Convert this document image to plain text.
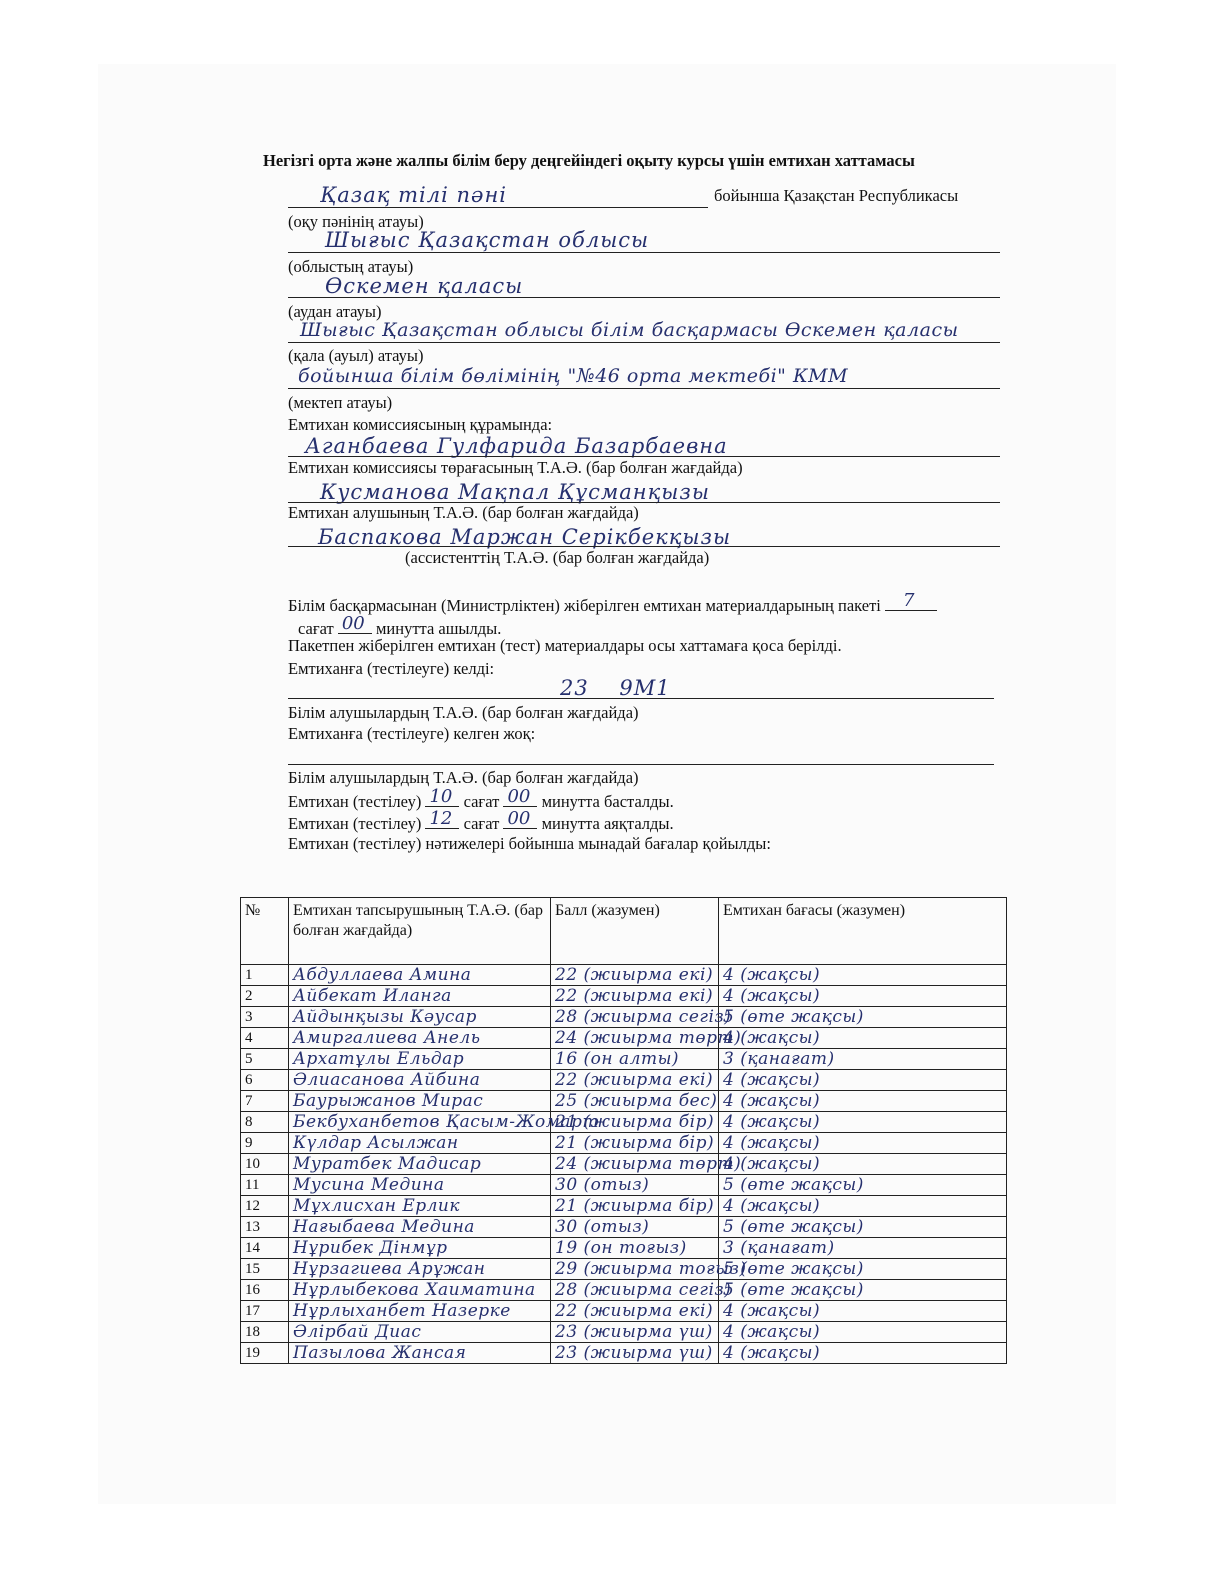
Негізгі орта және жалпы білім беру деңгейіндегі оқыту курсы үшін емтихан хаттамасы
Қазақ тілі пәні	бойынша Қазақстан Республикасы
(оқу пәнінің атауы)
Шығыс Қазақстан облысы
(облыстың атауы)
Өскемен қаласы
(аудан атауы)
Шығыс Қазақстан облысы білім басқармасы Өскемен қаласы
(қала (ауыл) атауы)
бойынша білім бөлімінің "№46 орта мектебі" КММ
(мектеп атауы)
Емтихан комиссиясының құрамында:
Аганбаева Гулфарида Базарбаевна
Емтихан комиссиясы төрағасының Т.А.Ә. (бар болған жағдайда)
Кусманова Мақпал Құсманқызы
Емтихан алушының Т.А.Ә. (бар болған жағдайда)
Баспакова Маржан Серікбекқызы
(ассистенттің Т.А.Ә. (бар болған жағдайда)
Білім басқармасынан (Министрліктен) жіберілген емтихан материалдарының пакеті 7
сағат 00 минутта ашылды.
Пакетпен жіберілген емтихан (тест) материалдары осы хаттамаға қоса берілді.
Емтиханға (тестілеуге) келді:
23    9М1
Білім алушылардың Т.А.Ә. (бар болған жағдайда)
Емтиханға (тестілеуге) келген жоқ:
Білім алушылардың Т.А.Ә. (бар болған жағдайда)
Емтихан (тестілеу) 10 сағат 00 минутта басталды.
Емтихан (тестілеу) 12 сағат 00 минутта аяқталды.
Емтихан (тестілеу) нәтижелері бойынша мынадай бағалар қойылды:
№	Емтихан тапсырушының Т.А.Ә. (бар болған жағдайда)	Балл (жазумен)	Емтихан бағасы (жазумен)
1	Абдуллаева Амина	22 (жиырма екі)	4 (жақсы)
2	Айбекат Иланга	22 (жиырма екі)	4 (жақсы)
3	Айдынқызы Кәусар	28 (жиырма сегіз)	5 (өте жақсы)
4	Амиргалиева Анель	24 (жиырма төрт)	4 (жақсы)
5	Архатұлы Ельдар	16 (он алты)	3 (қанағат)
6	Әлиасанова Айбина	22 (жиырма екі)	4 (жақсы)
7	Баурыжанов Мирас	25 (жиырма бес)	4 (жақсы)
8	Бекбуханбетов Қасым-Жомарт	21 (жиырма бір)	4 (жақсы)
9	Күлдар Асылжан	21 (жиырма бір)	4 (жақсы)
10	Муратбек Мадисар	24 (жиырма төрт)	4 (жақсы)
11	Мусина Медина	30 (отыз)	5 (өте жақсы)
12	Мұхлисхан Ерлик	21 (жиырма бір)	4 (жақсы)
13	Нағыбаева Медина	30 (отыз)	5 (өте жақсы)
14	Нұрибек Дінмұр	19 (он тоғыз)	3 (қанағат)
15	Нұрзагиева Арұжан	29 (жиырма тоғыз)	5 (өте жақсы)
16	Нұрлыбекова Хаиматина	28 (жиырма сегіз)	5 (өте жақсы)
17	Нұрлыханбет Назерке	22 (жиырма екі)	4 (жақсы)
18	Әлірбай Диас	23 (жиырма үш)	4 (жақсы)
19	Пазылова Жансая	23 (жиырма үш)	4 (жақсы)
